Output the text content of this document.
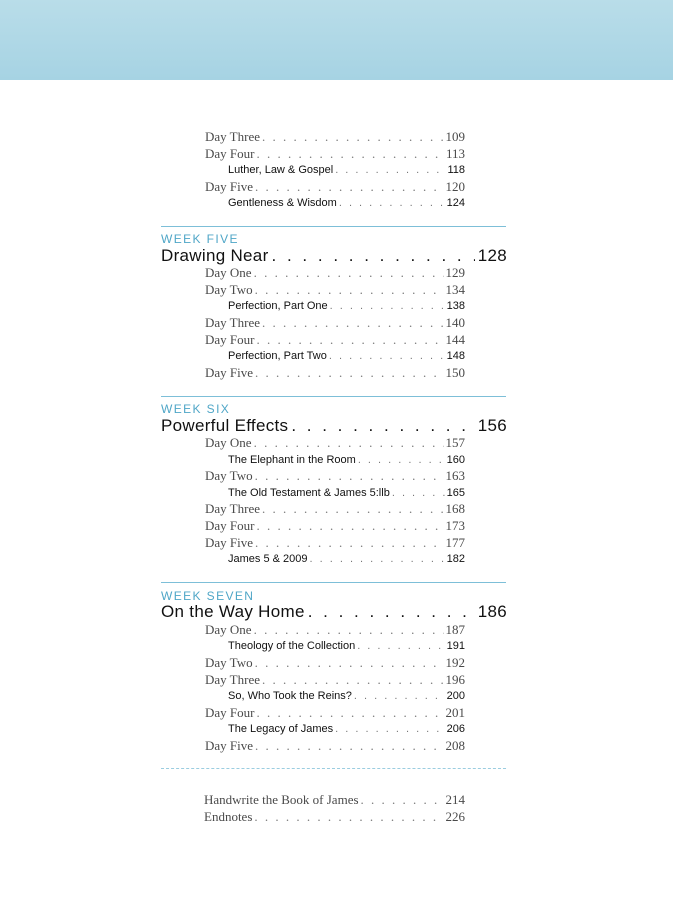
Day Three . . .	109
Day Four . . .	113
Luther, Law & Gospel . . .	118
Day Five . . .	120
Gentleness & Wisdom . . .	124
WEEK FIVE
Drawing Near . . .	128
Day One . . .	129
Day Two . . .	134
Perfection, Part One . . .	138
Day Three . . .	140
Day Four . . .	144
Perfection, Part Two . . .	148
Day Five . . .	150
WEEK SIX
Powerful Effects . . .	156
Day One . . .	157
The Elephant in the Room . . .	160
Day Two . . .	163
The Old Testament & James 5:llb . . .	165
Day Three . . .	168
Day Four . . .	173
Day Five . . .	177
James 5 & 2009 . . .	182
WEEK SEVEN
On the Way Home . . .	186
Day One . . .	187
Theology of the Collection . . .	191
Day Two . . .	192
Day Three . . .	196
So, Who Took the Reins? . . .	200
Day Four . . .	201
The Legacy of James . . .	206
Day Five . . .	208
Handwrite the Book of James . . .	214
Endnotes . . .	226
